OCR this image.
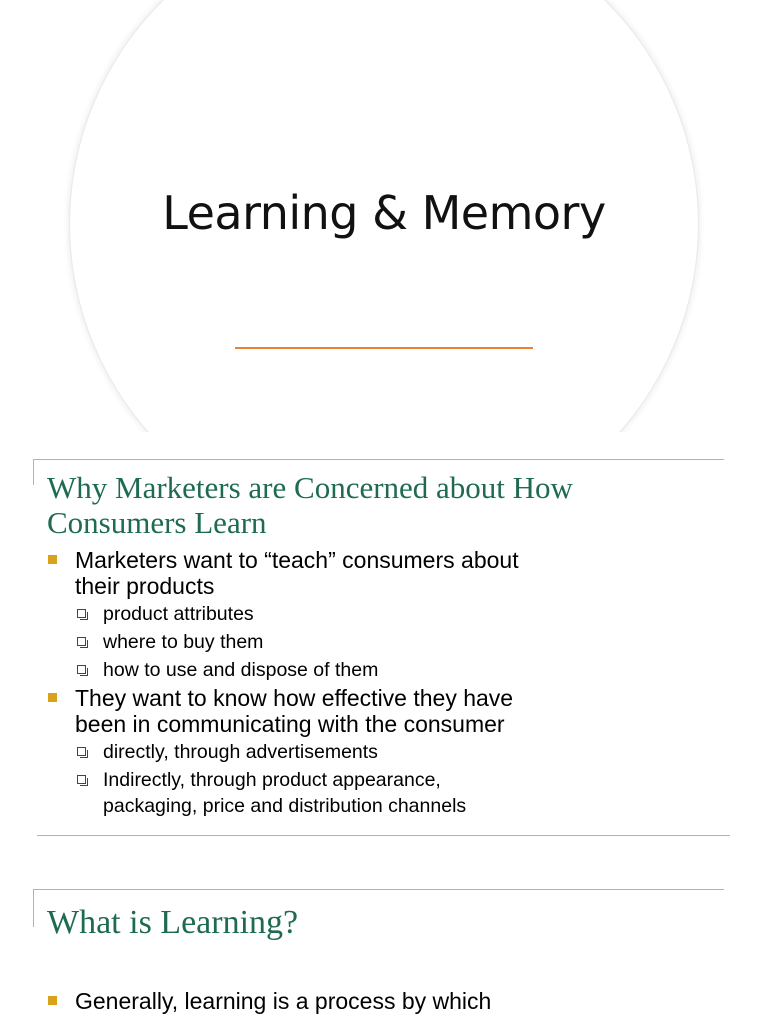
Learning & Memory
Why Marketers are Concerned about How
Consumers Learn
Marketers want to “teach” consumers about
their products
product attributes
where to buy them
how to use and dispose of them
They want to know how effective they have
been in communicating with the consumer
directly, through advertisements
Indirectly, through product appearance,
packaging, price and distribution channels
What is Learning?
Generally, learning is a process by which
